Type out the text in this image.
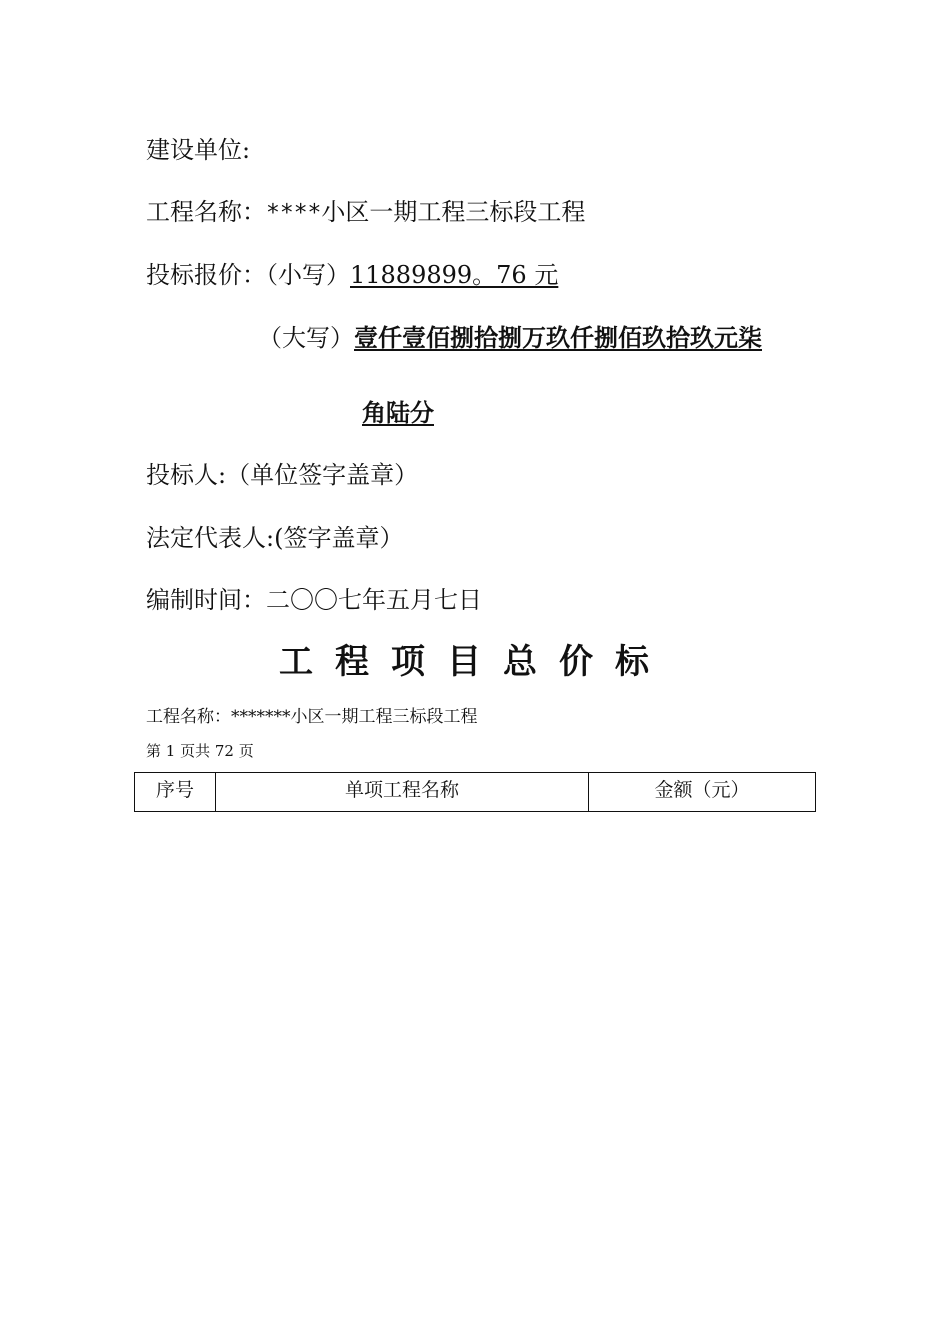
建设单位:
工程名称：****小区一期工程三标段工程
投标报价：（小写）11889899。76 元
（大写）壹仟壹佰捌拾捌万玖仟捌佰玖拾玖元柒
角陆分
投标人:（单位签字盖章）
法定代表人:(签字盖章）
编制时间：二〇〇七年五月七日
工程项目总价标
工程名称：*******小区一期工程三标段工程
第 1 页共 72 页
序号	单项工程名称	金额（元）
